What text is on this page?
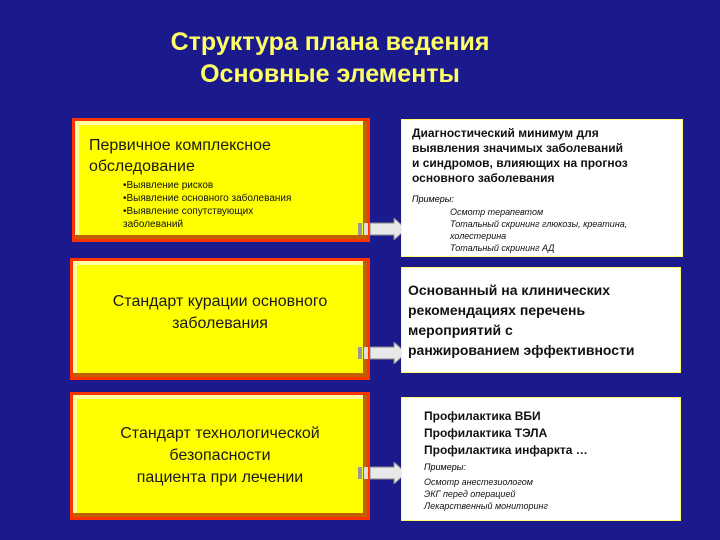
Структура плана ведения
Основные элементы
Первичное комплексное обследование
•Выявление рисков
•Выявление основного заболевания
•Выявление сопутствующих
заболеваний
Стандарт курации основного
заболевания
Стандарт технологической
безопасности
пациента при лечении
Диагностический минимум для
выявления значимых заболеваний
и синдромов, влияющих на прогноз
основного заболевания
Примеры:
Осмотр терапевтом
Тотальный скрининг глюкозы, креатина,
холестерина
Тотальный скрининг АД
Основанный на клинических
рекомендациях перечень
мероприятий с
ранжированием эффективности
Профилактика ВБИ
Профилактика ТЭЛА
Профилактика инфаркта …
Примеры:
Осмотр анестезиологом
ЭКГ перед операцией
Лекарственный мониторинг
